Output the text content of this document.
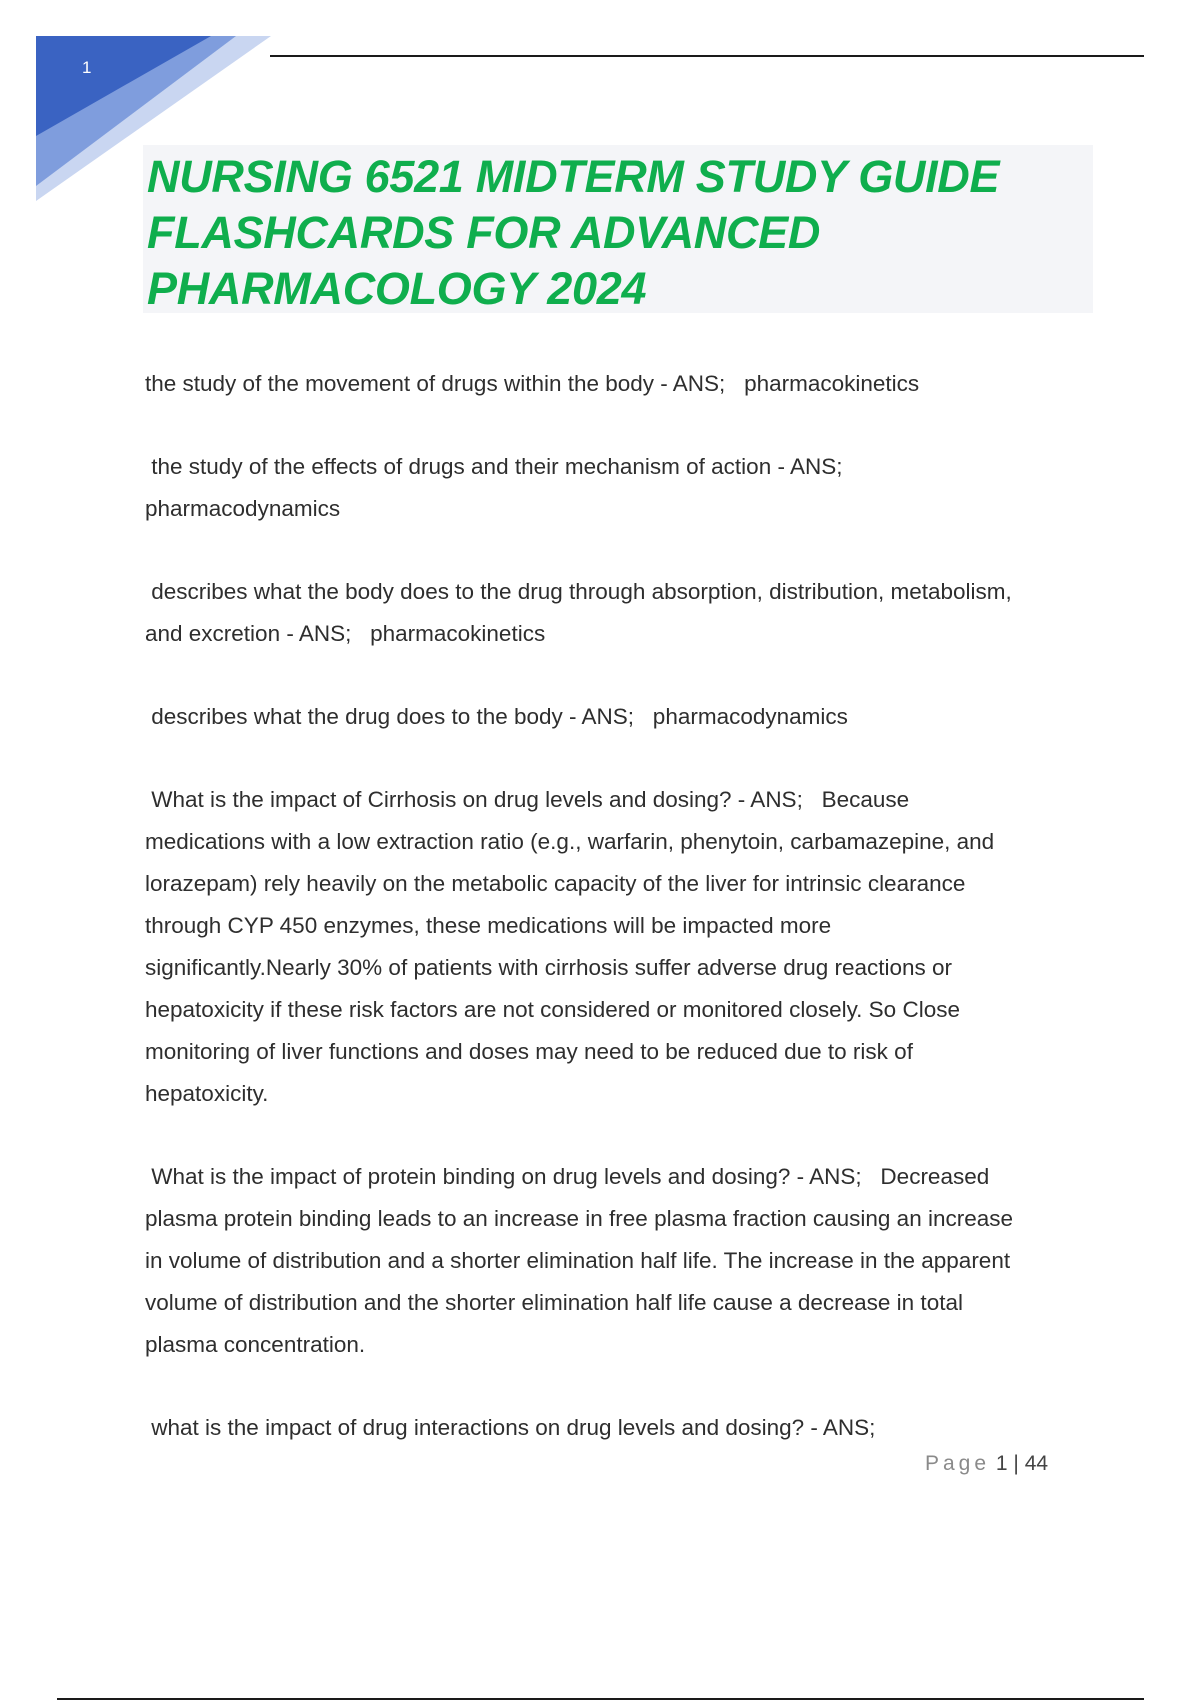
1
NURSING 6521 MIDTERM STUDY GUIDE
FLASHCARDS FOR ADVANCED
PHARMACOLOGY 2024
the study of the movement of drugs within the body - ANS;   pharmacokinetics
the study of the effects of drugs and their mechanism of action - ANS;
pharmacodynamics
describes what the body does to the drug through absorption, distribution, metabolism,
and excretion - ANS;   pharmacokinetics
describes what the drug does to the body - ANS;   pharmacodynamics
What is the impact of Cirrhosis on drug levels and dosing? - ANS;   Because
medications with a low extraction ratio (e.g., warfarin, phenytoin, carbamazepine, and
lorazepam) rely heavily on the metabolic capacity of the liver for intrinsic clearance
through CYP 450 enzymes, these medications will be impacted more
significantly.Nearly 30% of patients with cirrhosis suffer adverse drug reactions or
hepatoxicity if these risk factors are not considered or monitored closely. So Close
monitoring of liver functions and doses may need to be reduced due to risk of
hepatoxicity.
What is the impact of protein binding on drug levels and dosing? - ANS;   Decreased
plasma protein binding leads to an increase in free plasma fraction causing an increase
in volume of distribution and a shorter elimination half life. The increase in the apparent
volume of distribution and the shorter elimination half life cause a decrease in total
plasma concentration.
what is the impact of drug interactions on drug levels and dosing? - ANS;
Page 1 | 44
